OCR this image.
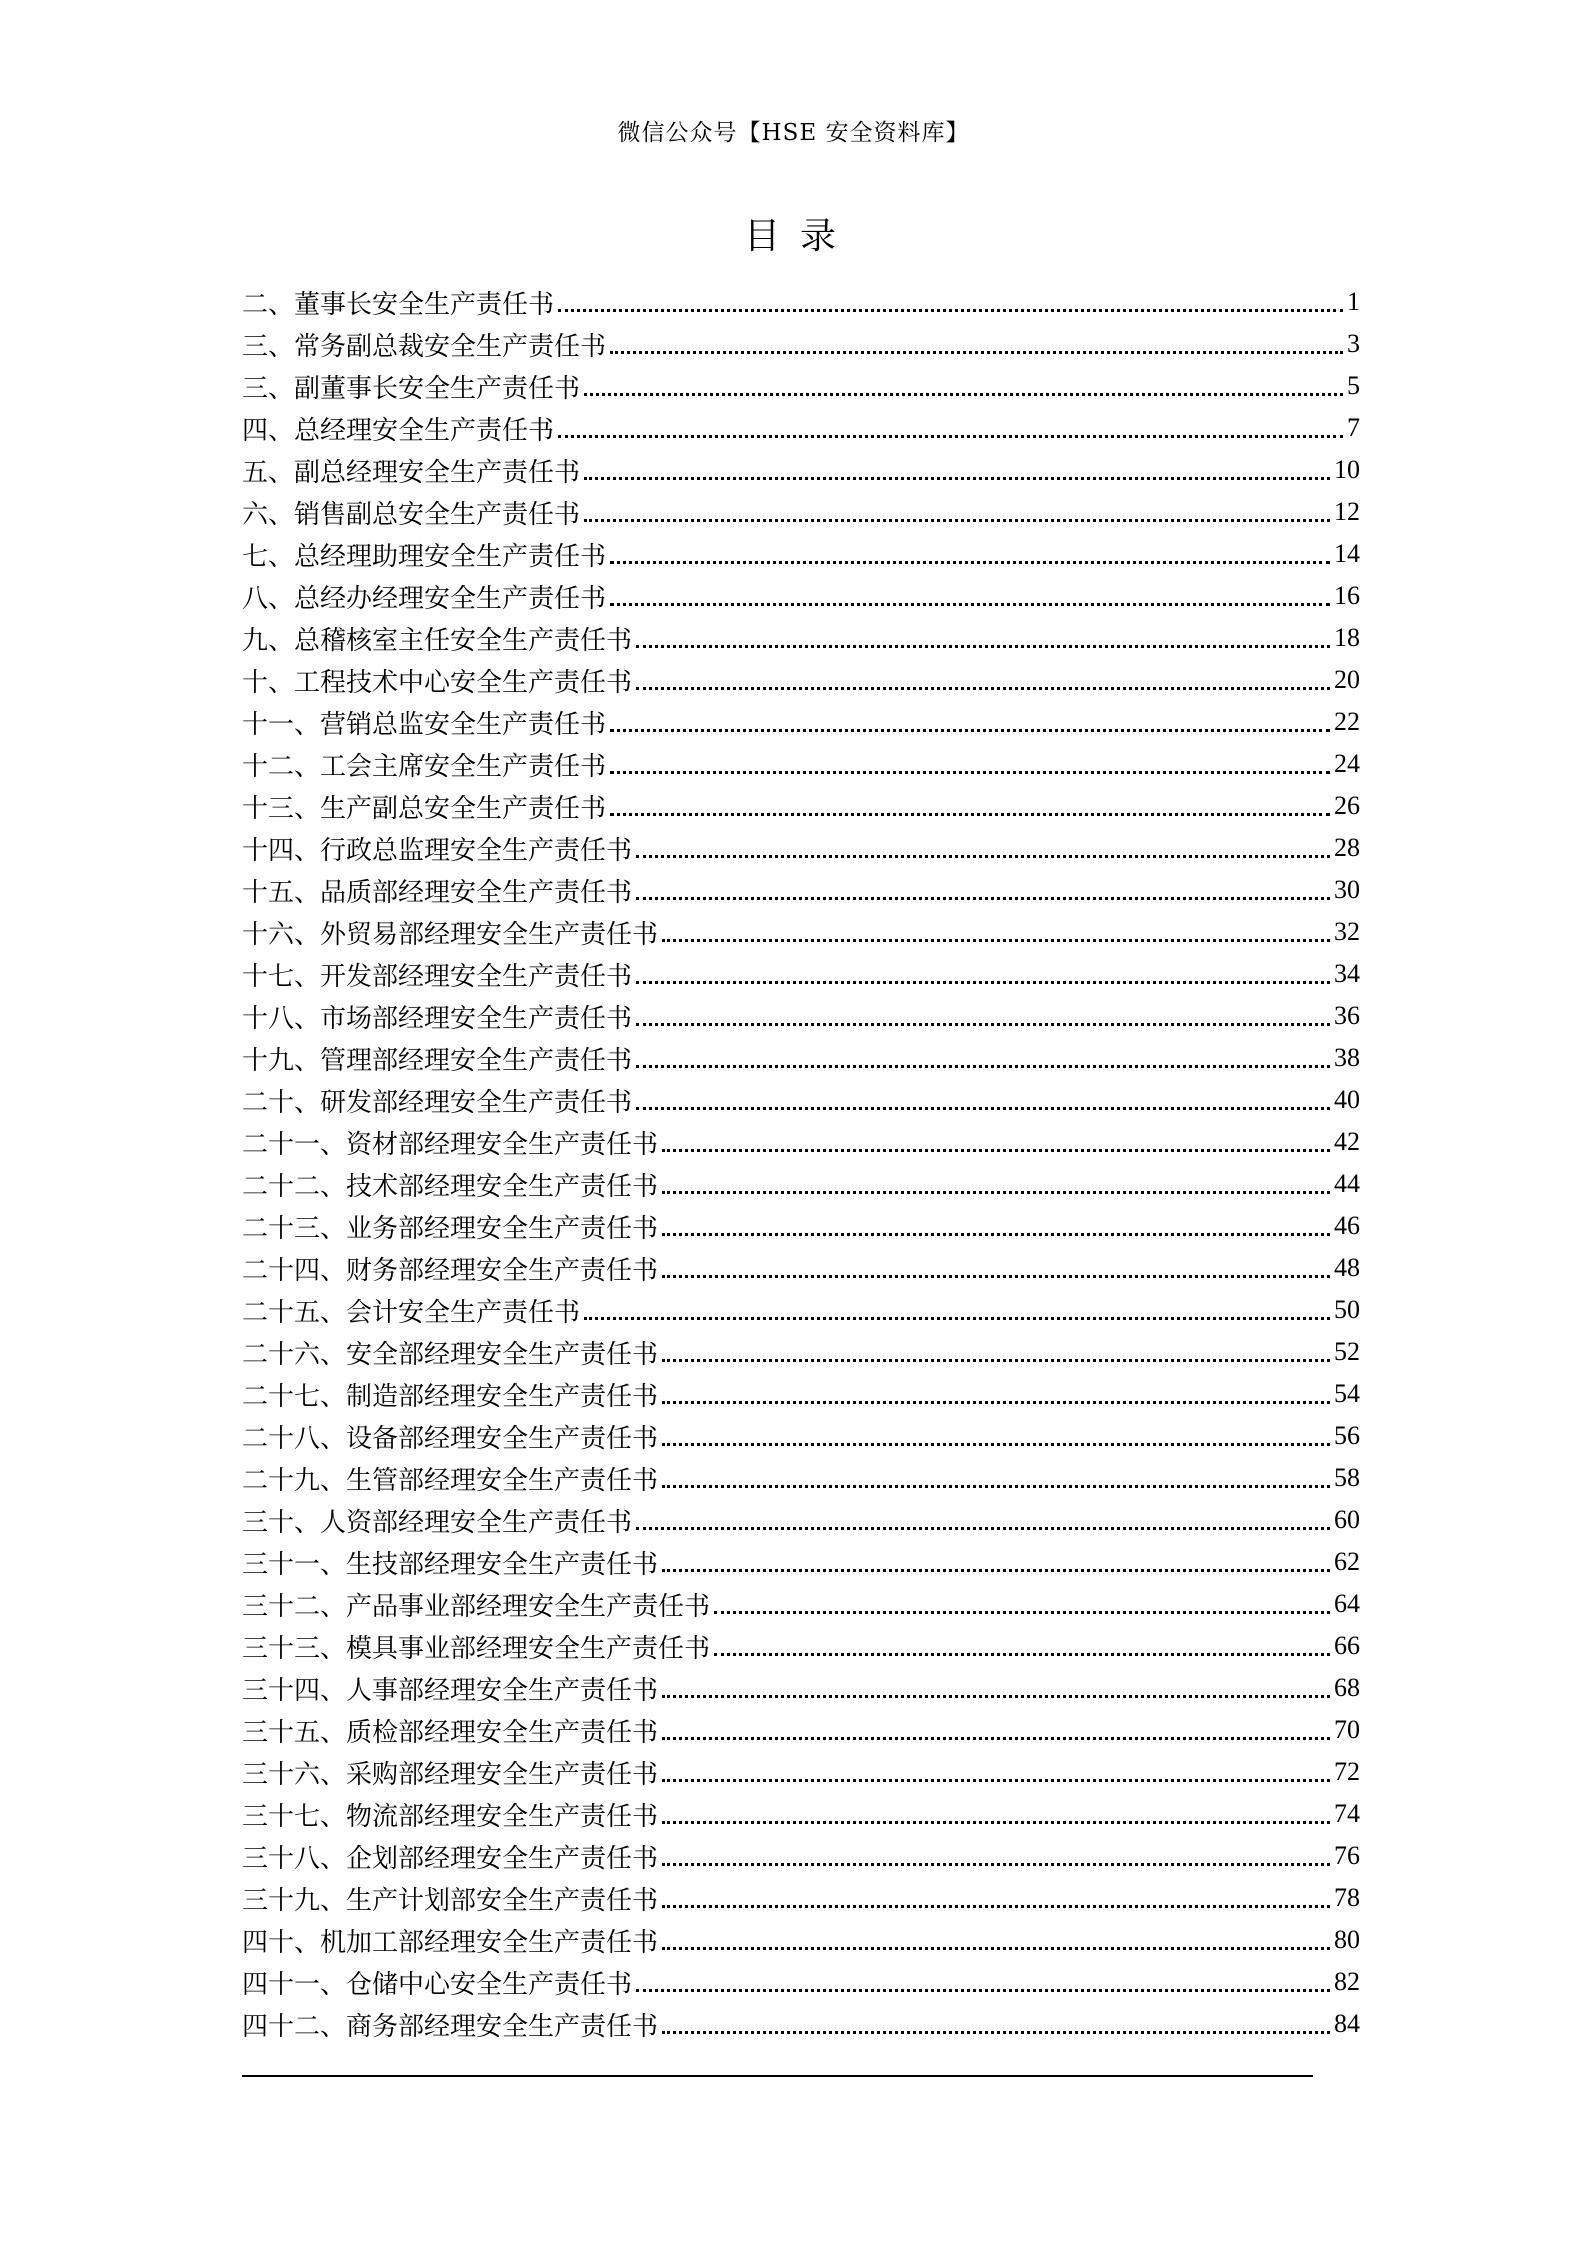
微信公众号【HSE 安全资料库】
目录
二、董事长安全生产责任书	1
三、常务副总裁安全生产责任书	3
三、副董事长安全生产责任书	5
四、总经理安全生产责任书	7
五、副总经理安全生产责任书	10
六、销售副总安全生产责任书	12
七、总经理助理安全生产责任书	14
八、总经办经理安全生产责任书	16
九、总稽核室主任安全生产责任书	18
十、工程技术中心安全生产责任书	20
十一、营销总监安全生产责任书	22
十二、工会主席安全生产责任书	24
十三、生产副总安全生产责任书	26
十四、行政总监理安全生产责任书	28
十五、品质部经理安全生产责任书	30
十六、外贸易部经理安全生产责任书	32
十七、开发部经理安全生产责任书	34
十八、市场部经理安全生产责任书	36
十九、管理部经理安全生产责任书	38
二十、研发部经理安全生产责任书	40
二十一、资材部经理安全生产责任书	42
二十二、技术部经理安全生产责任书	44
二十三、业务部经理安全生产责任书	46
二十四、财务部经理安全生产责任书	48
二十五、会计安全生产责任书	50
二十六、安全部经理安全生产责任书	52
二十七、制造部经理安全生产责任书	54
二十八、设备部经理安全生产责任书	56
二十九、生管部经理安全生产责任书	58
三十、人资部经理安全生产责任书	60
三十一、生技部经理安全生产责任书	62
三十二、产品事业部经理安全生产责任书	64
三十三、模具事业部经理安全生产责任书	66
三十四、人事部经理安全生产责任书	68
三十五、质检部经理安全生产责任书	70
三十六、采购部经理安全生产责任书	72
三十七、物流部经理安全生产责任书	74
三十八、企划部经理安全生产责任书	76
三十九、生产计划部安全生产责任书	78
四十、机加工部经理安全生产责任书	80
四十一、仓储中心安全生产责任书	82
四十二、商务部经理安全生产责任书	84
